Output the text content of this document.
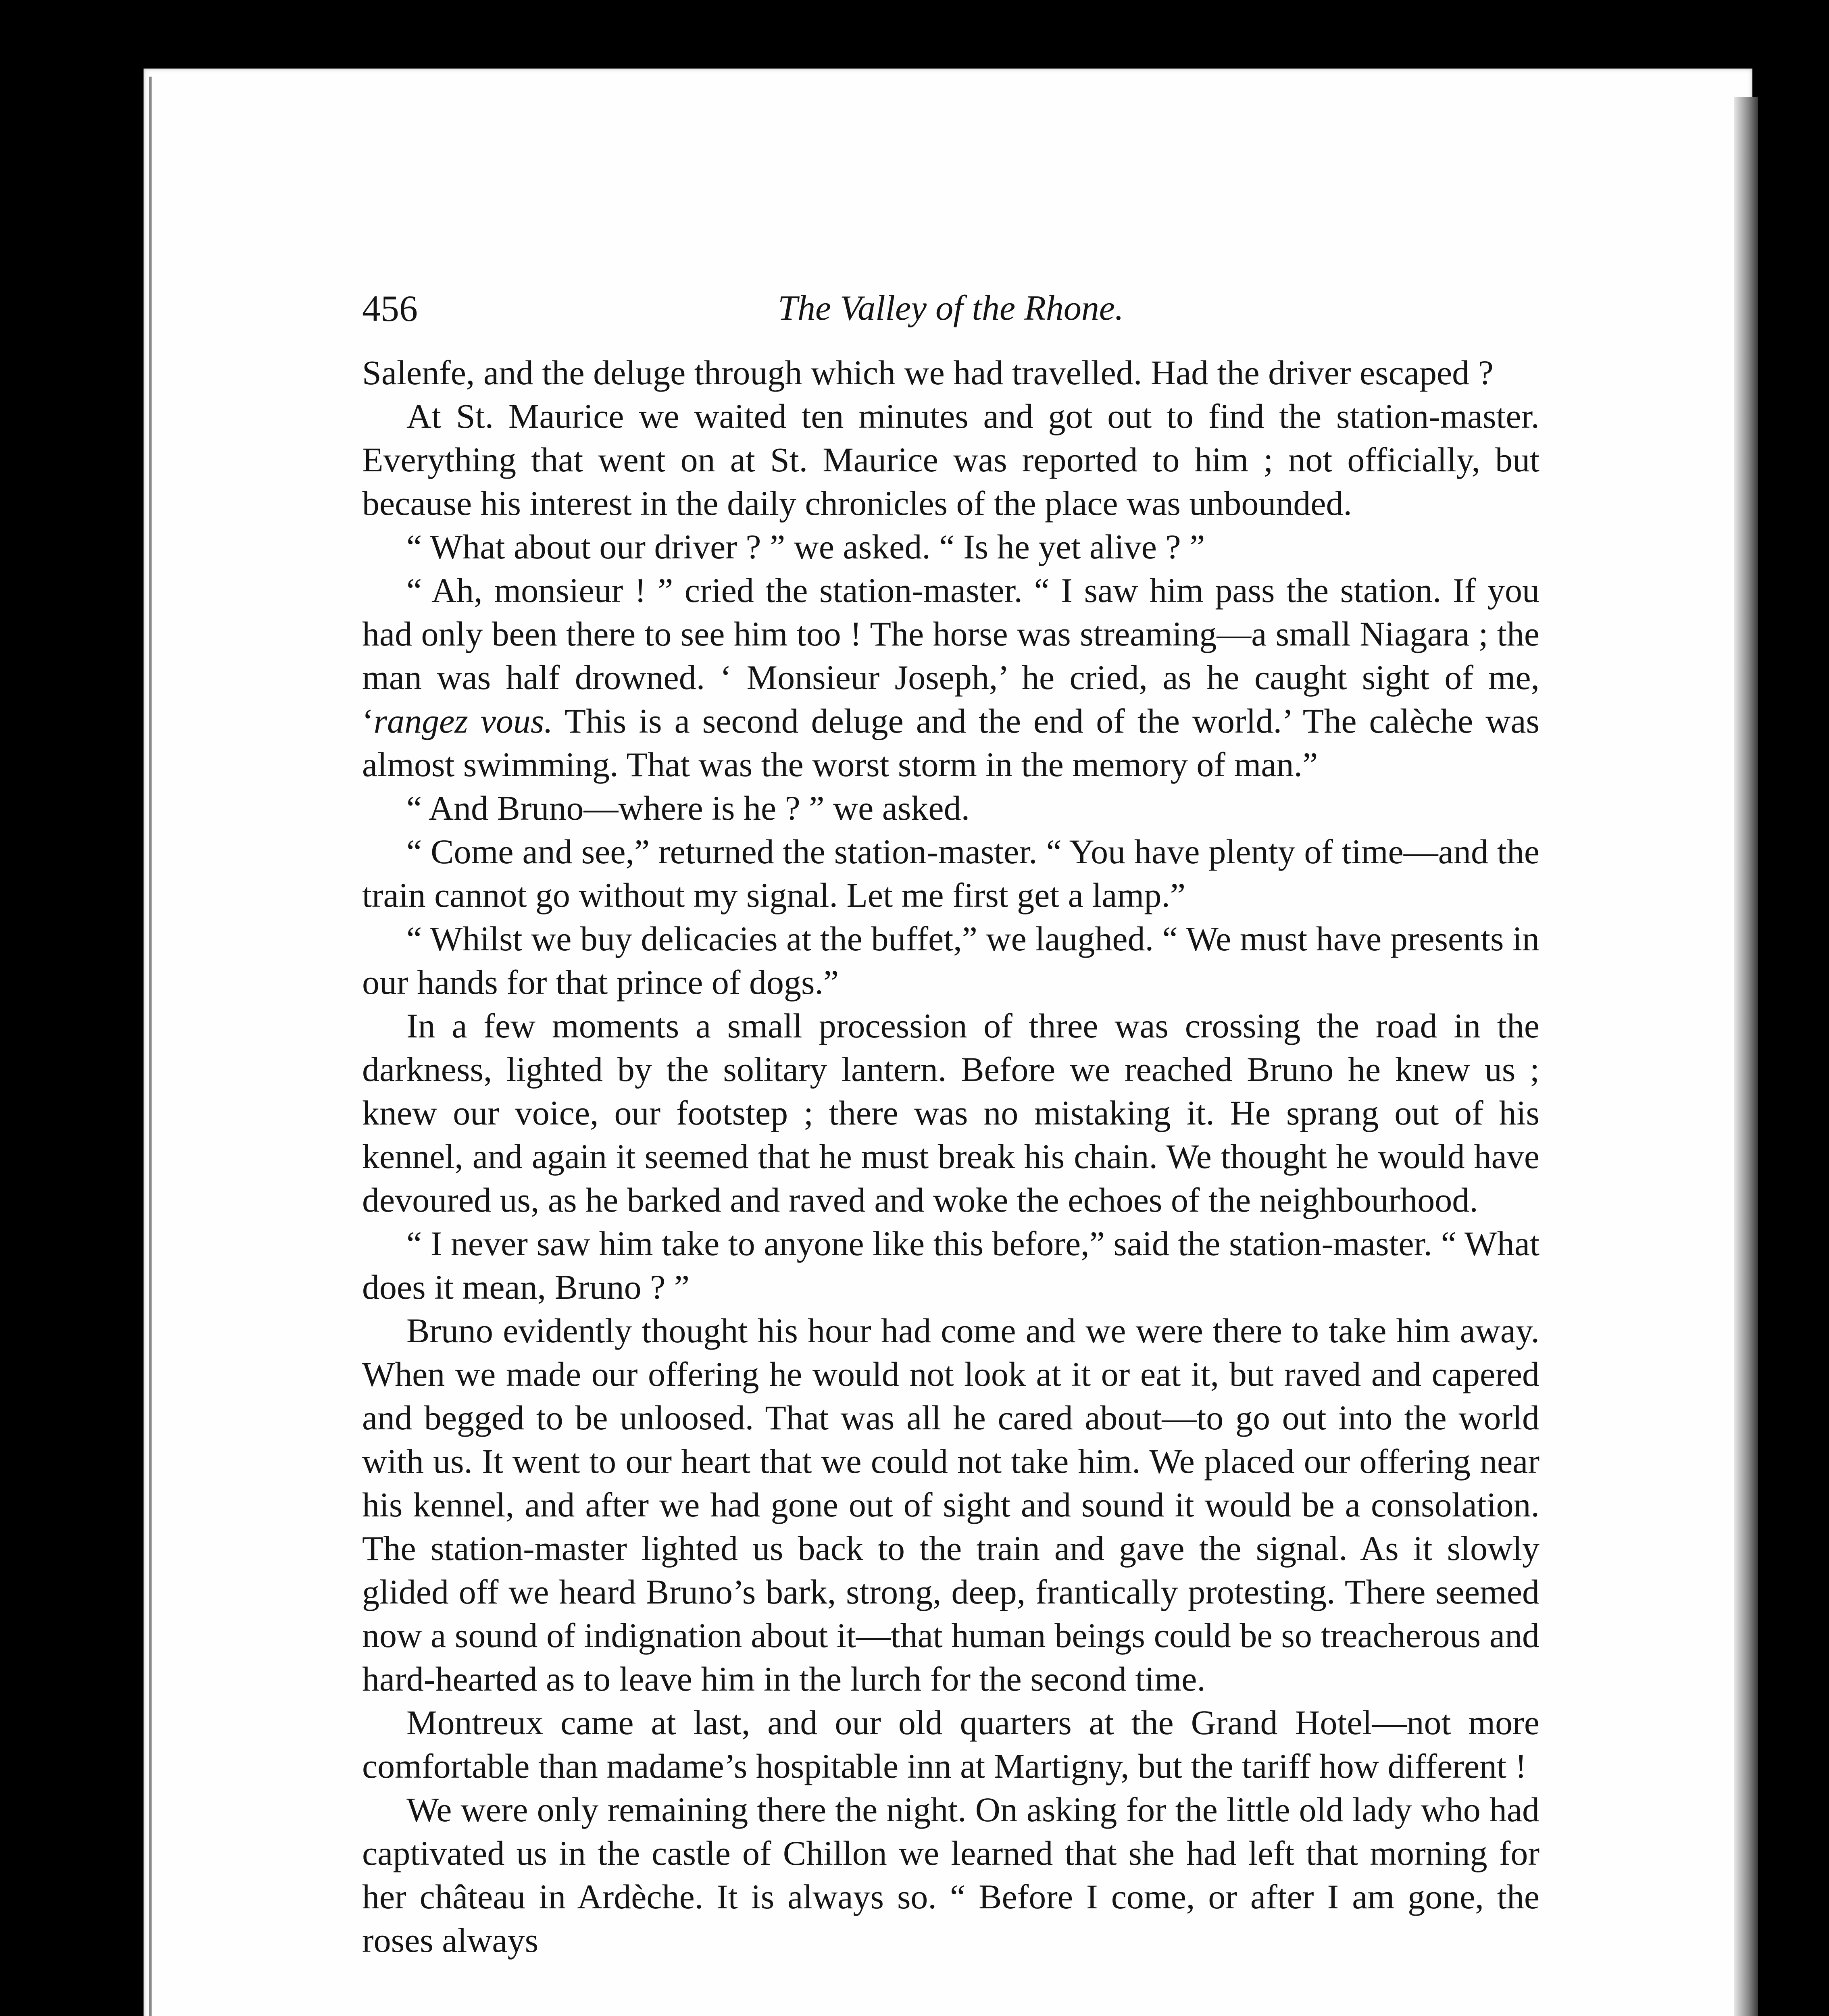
456	The Valley of the Rhone.

Salenfe, and the deluge through which we had travelled. Had the driver escaped ?

At St. Maurice we waited ten minutes and got out to find the station-master. Everything that went on at St. Maurice was reported to him ; not officially, but because his interest in the daily chronicles of the place was unbounded.

“ What about our driver ? ” we asked. “ Is he yet alive ? ”

“ Ah, monsieur ! ” cried the station-master. “ I saw him pass the station. If you had only been there to see him too ! The horse was streaming—a small Niagara ; the man was half drowned. ‘ Monsieur Joseph,’ he cried, as he caught sight of me, ‘rangez vous. This is a second deluge and the end of the world.’ The calèche was almost swimming. That was the worst storm in the memory of man.”

“ And Bruno—where is he ? ” we asked.

“ Come and see,” returned the station-master. “ You have plenty of time—and the train cannot go without my signal. Let me first get a lamp.”

“ Whilst we buy delicacies at the buffet,” we laughed. “ We must have presents in our hands for that prince of dogs.”

In a few moments a small procession of three was crossing the road in the darkness, lighted by the solitary lantern. Before we reached Bruno he knew us ; knew our voice, our footstep ; there was no mistaking it. He sprang out of his kennel, and again it seemed that he must break his chain. We thought he would have devoured us, as he barked and raved and woke the echoes of the neighbourhood.

“ I never saw him take to anyone like this before,” said the station-master. “ What does it mean, Bruno ? ”

Bruno evidently thought his hour had come and we were there to take him away. When we made our offering he would not look at it or eat it, but raved and capered and begged to be unloosed. That was all he cared about—to go out into the world with us. It went to our heart that we could not take him. We placed our offering near his kennel, and after we had gone out of sight and sound it would be a consolation. The station-master lighted us back to the train and gave the signal. As it slowly glided off we heard Bruno’s bark, strong, deep, frantically protesting. There seemed now a sound of indignation about it—that human beings could be so treacherous and hard-hearted as to leave him in the lurch for the second time.

Montreux came at last, and our old quarters at the Grand Hotel—not more comfortable than madame’s hospitable inn at Martigny, but the tariff how different !

We were only remaining there the night. On asking for the little old lady who had captivated us in the castle of Chillon we learned that she had left that morning for her château in Ardèche. It is always so. “ Before I come, or after I am gone, the roses always
